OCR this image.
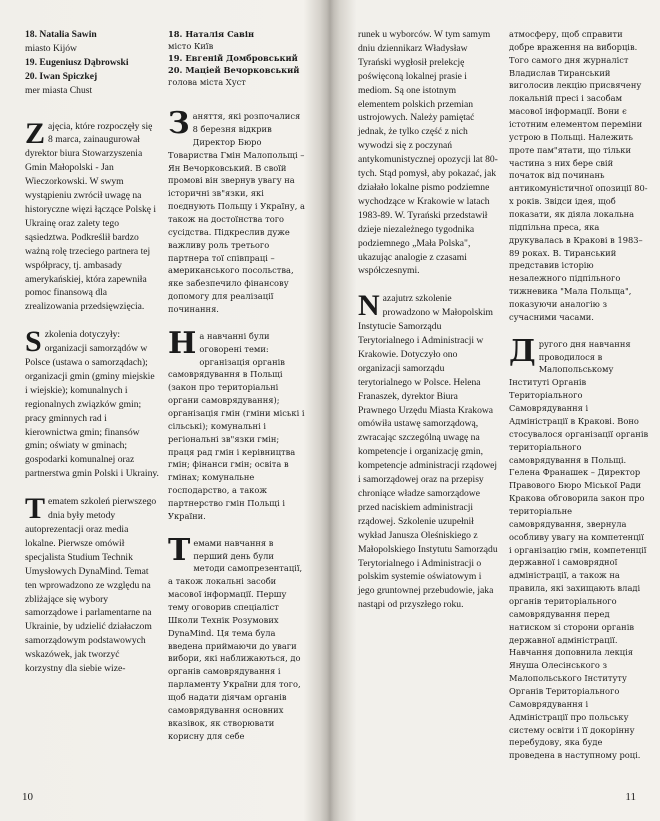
18. Natalia Sawin
miasto Kijów
19. Eugeniusz Dąbrowski
20. Iwan Spiczkej
mer miasta Chust

Zajęcia, które rozpoczęły się 8 marca, zainaugurował dyrektor biura Stowarzyszenia Gmin Małopolski - Jan Wieczorkowski. W swym wystąpieniu zwrócił uwagę na historyczne więzi łączące Polskę i Ukrainę oraz zalety tego sąsiedztwa. Podkreślił bardzo ważną rolę trzeciego partnera tej współpracy, tj. ambasady amerykańskiej, która zapewniła pomoc finansową dla zrealizowania przedsięwzięcia.

Szkolenia dotyczyły: organizacji samorządów w Polsce (ustawa o samorządach); organizacji gmin (gminy miejskie i wiejskie); komunalnych i regionalnych związków gmin; pracy gminnych rad i kierownictwa gmin; finansów gmin; oświaty w gminach; gospodarki komunalnej oraz partnerstwa gmin Polski i Ukrainy.

Tematem szkoleń pierwszego dnia były metody autoprezentacji oraz media lokalne. Pierwsze omówił specjalista Studium Technik Umysłowych DynaMind. Temat ten wprowadzono ze względu na zbliżające się wybory samorządowe i parlamentarne na Ukrainie, by udzielić działaczom samorządowym podstawowych wskazówek, jak tworzyć korzystny dla siebie wize-

18. Наталія Савін
місто Київ
19. Евгеній Домбровський
20. Мацiей Вечорковський
голова міста Хуст

Заняття, які розпочалися 8 березня відкрив Директор Бюро Товариства Гмін Малопольщі – Ян Вечорковський. В своїй промові він звернув увагу на історичні зв"язки, які поєднують Польщу і Україну, а також на достоїнства того сусідства. Підкреслив дуже важливу роль третього партнера тої співпраці – американського посольства, яке забезпечило фінансову допомогу для реалізації починання.

На навчанні були оговорені теми: організація органів самоврядування в Польщі (закон про територіальні органи самоврядування); організація гмін (гміни міські і сільські); комунальні і регіональні зв"язки гмін; праця рад гмін і керівництва гмін; фінанси гмін; освіта в гмінах; комунальне господарство, а також партнерство гмін Польщі і України.

Темами навчання в перший день були методи самопрезентації, а також локальні засоби масової інформації. Першу тему оговорив спеціаліст Школи Технік Розумових DynaMind. Ця тема була введена приймаючи до уваги вибори, які наближаються, до органів самоврядування і парламенту України для того, щоб надати діячам органів самоврядування основних вказівок, як створювати корисну для себе

10

runek u wyborców. W tym samym dniu dziennikarz Władysław Tyrański wygłosił prelekcję poświęconą lokalnej prasie i mediom. Są one istotnym elementem polskich przemian ustrojowych. Należy pamiętać jednak, że tylko część z nich wywodzi się z poczynań antykomunistycznej opozycji lat 80-tych. Stąd pomysł, aby pokazać, jak działało lokalne pismo podziemne wychodzące w Krakowie w latach 1983-89. W. Tyrański przedstawił dzieje niezależnego tygodnika podziemnego „Mała Polska", ukazując analogie z czasami współczesnymi.

Nazajutrz szkolenie prowadzono w Małopolskim Instytucie Samorządu Terytorialnego i Administracji w Krakowie. Dotyczyło ono organizacji samorządu terytorialnego w Polsce. Helena Franaszek, dyrektor Biura Prawnego Urzędu Miasta Krakowa omówiła ustawę samorządową, zwracając szczególną uwagę na kompetencje i organizację gmin, kompetencje administracji rządowej i samorządowej oraz na przepisy chroniące władze samorządowe przed naciskiem administracji rządowej. Szkolenie uzupełnił wykład Janusza Oleśniskiego z Małopolskiego Instytutu Samorządu Terytorialnego i Administracji o polskim systemie oświatowym i jego gruntownej przebudowie, jaka nastąpi od przyszłego roku.

атмосферу, щоб справити добре враження на виборців. Того самого дня журналіст Владислав Тиранський виголосив лекцію присвячену локальній пресі і засобам масової інформації. Вони є істотним елементом переміни устрою в Польщі. Належить проте пам"ятати, що тільки частина з них бере свій початок від починань антикомуністичної опозиції 80-х років. Звідси ідея, щоб показати, як діяла локальна підпільна преса, яка друкувалась в Кракові в 1983–89 роках. В. Тиранський представив історію незалежного підпільного тижневика "Мала Польща", показуючи аналогію з сучасними часами.

Другого дня навчання проводилося в Малопольському Інституті Органів Територіального Самоврядування і Адміністрації в Кракові. Воно стосувалося організації органів територіального самоврядування в Польщі. Гелена Франашек – Директор Правового Бюро Міської Ради Кракова обговорила закон про територіальне самоврядування, звернула особливу увагу на компетенції і організацію гмін, компетенції державної і самоврядної адміністрації, а також на правила, які захищають владі органів територіального самоврядування перед натиском зі сторони органів державної адміністрації. Навчання доповнила лекція Януша Олесінського з Малопольського Інституту Органів Територіального Самоврядування і Адміністрації про польську систему освіти і її докорінну перебудову, яка буде проведена в наступному році.

11
